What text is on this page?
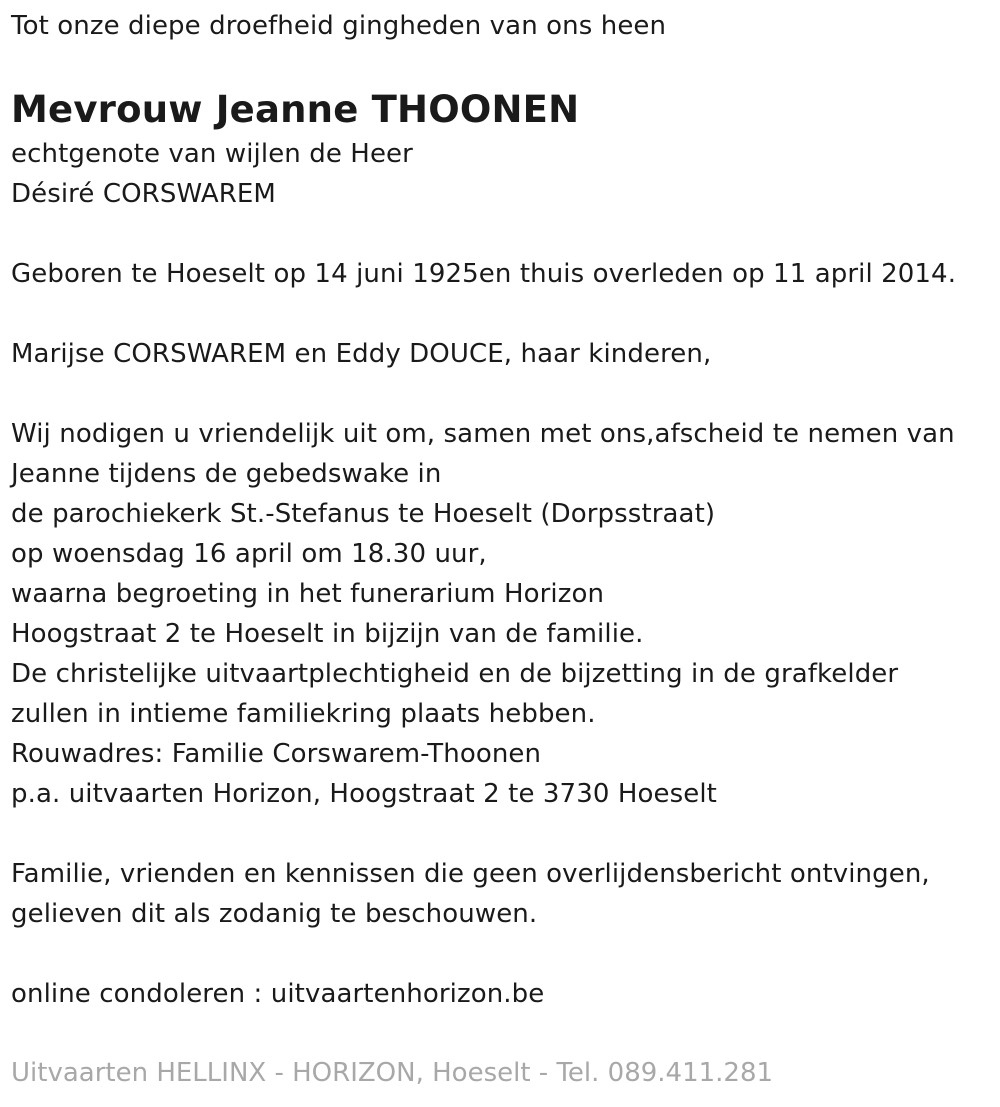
Tot onze diepe droefheid gingheden van ons heen
Mevrouw Jeanne THOONEN
echtgenote van wijlen de Heer
Désiré CORSWAREM
Geboren te Hoeselt op 14 juni 1925en thuis overleden op 11 april 2014.
Marijse CORSWAREM en Eddy DOUCE, haar kinderen,
Wij nodigen u vriendelijk uit om, samen met ons,afscheid te nemen van
Jeanne tijdens de gebedswake in
de parochiekerk St.-Stefanus te Hoeselt (Dorpsstraat)
op woensdag 16 april om 18.30 uur,
waarna begroeting in het funerarium Horizon
Hoogstraat 2 te Hoeselt in bijzijn van de familie.
De christelijke uitvaartplechtigheid en de bijzetting in de grafkelder
zullen in intieme familiekring plaats hebben.
Rouwadres: Familie Corswarem-Thoonen
p.a. uitvaarten Horizon, Hoogstraat 2 te 3730 Hoeselt
Familie, vrienden en kennissen die geen overlijdensbericht ontvingen,
gelieven dit als zodanig te beschouwen.
online condoleren : uitvaartenhorizon.be
Uitvaarten HELLINX - HORIZON, Hoeselt - Tel. 089.411.281
